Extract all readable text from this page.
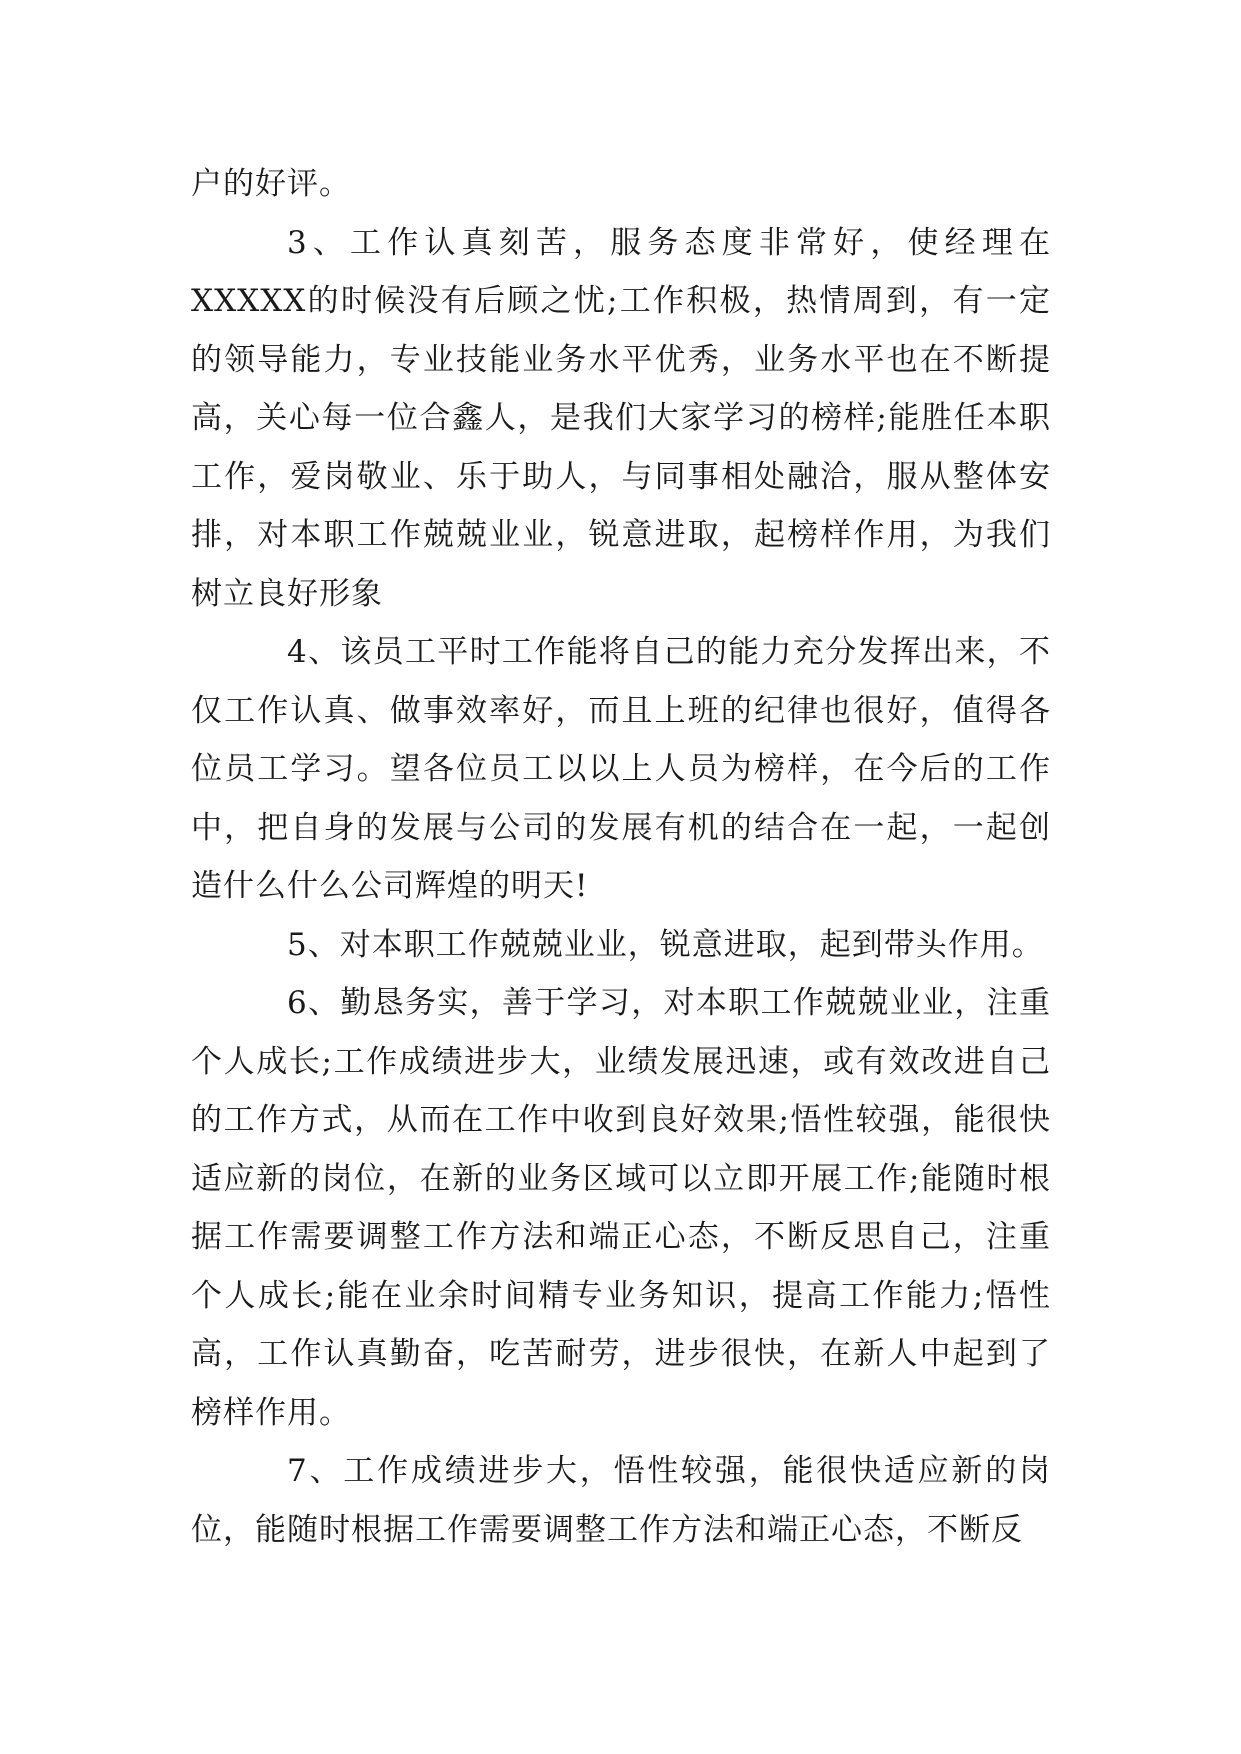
户的好评。

3、工作认真刻苦，服务态度非常好，使经理在XXXXX的时候没有后顾之忧;工作积极，热情周到，有一定的领导能力，专业技能业务水平优秀，业务水平也在不断提高，关心每一位合鑫人，是我们大家学习的榜样;能胜任本职工作，爱岗敬业、乐于助人，与同事相处融洽，服从整体安排，对本职工作兢兢业业，锐意进取，起榜样作用，为我们树立良好形象

4、该员工平时工作能将自己的能力充分发挥出来，不仅工作认真、做事效率好，而且上班的纪律也很好，值得各位员工学习。望各位员工以以上人员为榜样，在今后的工作中，把自身的发展与公司的发展有机的结合在一起，一起创造什么什么公司辉煌的明天!

5、对本职工作兢兢业业，锐意进取，起到带头作用。

6、勤恳务实，善于学习，对本职工作兢兢业业，注重个人成长;工作成绩进步大，业绩发展迅速，或有效改进自己的工作方式，从而在工作中收到良好效果;悟性较强，能很快适应新的岗位，在新的业务区域可以立即开展工作;能随时根据工作需要调整工作方法和端正心态，不断反思自己，注重个人成长;能在业余时间精专业务知识，提高工作能力;悟性高，工作认真勤奋，吃苦耐劳，进步很快，在新人中起到了榜样作用。

7、工作成绩进步大，悟性较强，能很快适应新的岗位，能随时根据工作需要调整工作方法和端正心态，不断反
